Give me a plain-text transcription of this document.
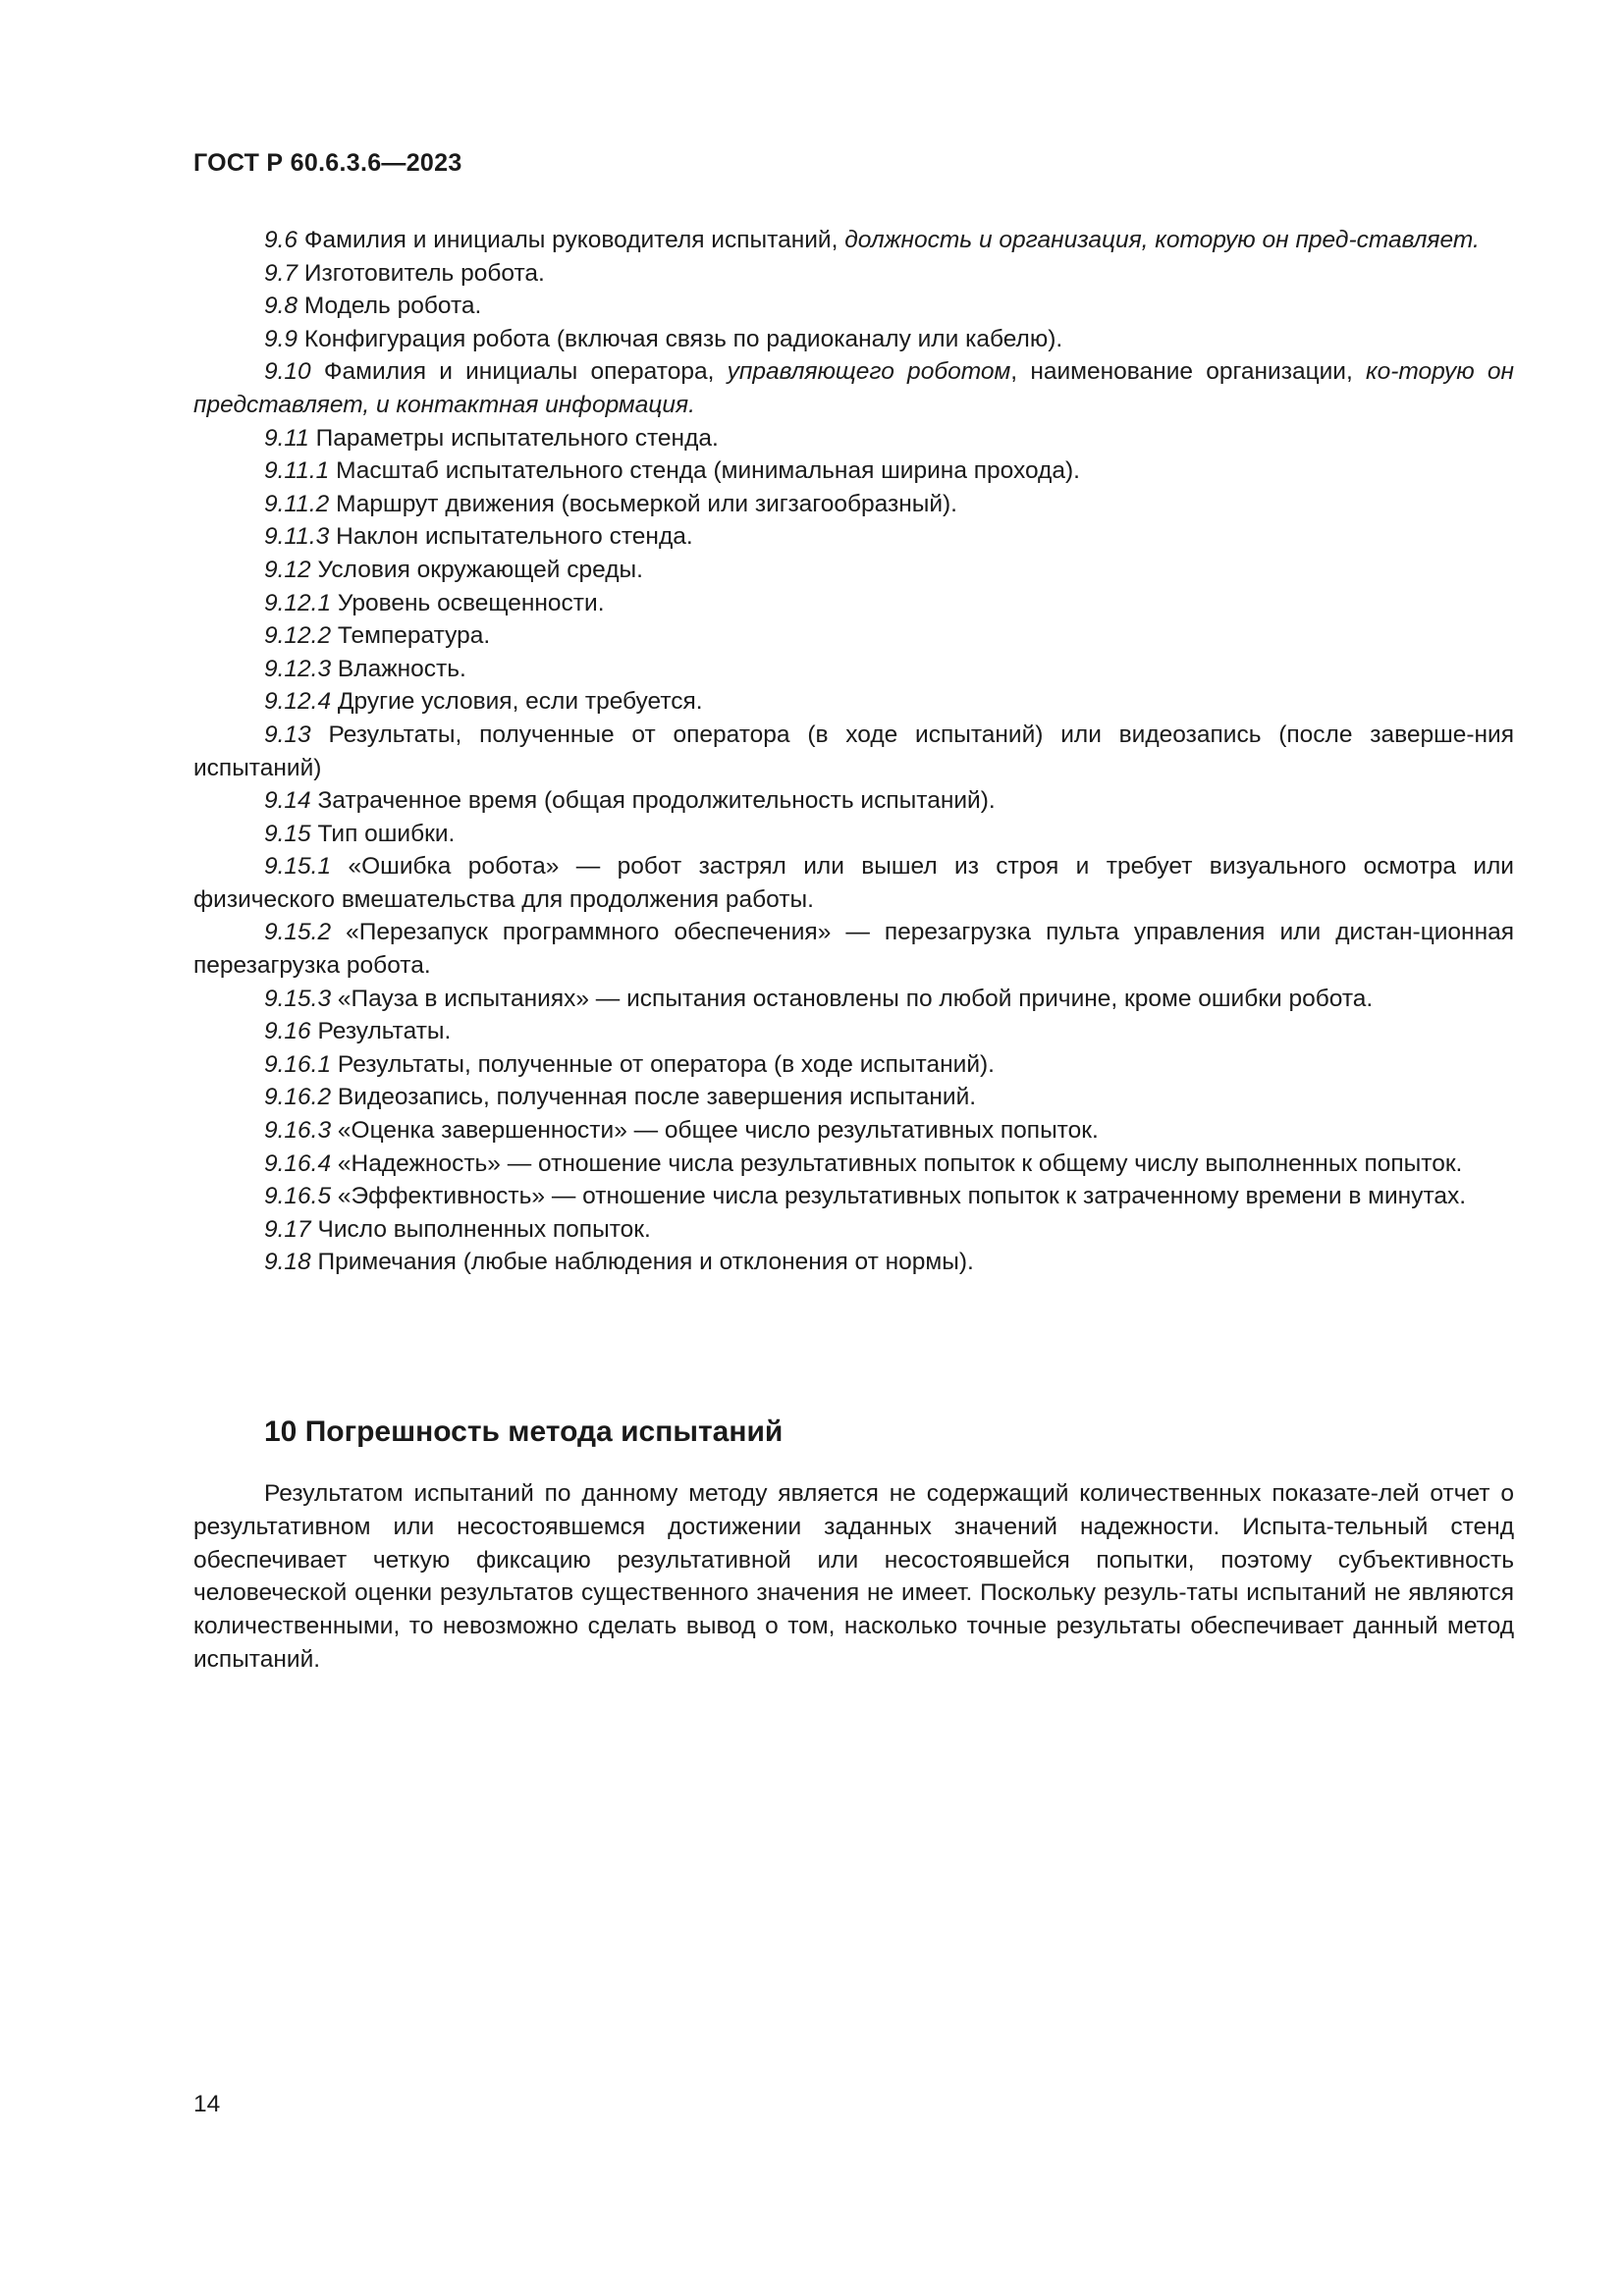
ГОСТ Р 60.6.3.6—2023

9.6 Фамилия и инициалы руководителя испытаний, должность и организация, которую он пред-ставляет.

9.7 Изготовитель робота.

9.8 Модель робота.

9.9 Конфигурация робота (включая связь по радиоканалу или кабелю).

9.10 Фамилия и инициалы оператора, управляющего роботом, наименование организации, ко-торую он представляет, и контактная информация.

9.11 Параметры испытательного стенда.

9.11.1 Масштаб испытательного стенда (минимальная ширина прохода).

9.11.2 Маршрут движения (восьмеркой или зигзагообразный).

9.11.3 Наклон испытательного стенда.

9.12 Условия окружающей среды.

9.12.1 Уровень освещенности.

9.12.2 Температура.

9.12.3 Влажность.

9.12.4 Другие условия, если требуется.

9.13 Результаты, полученные от оператора (в ходе испытаний) или видеозапись (после заверше-ния испытаний)

9.14 Затраченное время (общая продолжительность испытаний).

9.15 Тип ошибки.

9.15.1 «Ошибка робота» — робот застрял или вышел из строя и требует визуального осмотра или физического вмешательства для продолжения работы.

9.15.2 «Перезапуск программного обеспечения» — перезагрузка пульта управления или дистан-ционная перезагрузка робота.

9.15.3 «Пауза в испытаниях» — испытания остановлены по любой причине, кроме ошибки робота.

9.16 Результаты.

9.16.1 Результаты, полученные от оператора (в ходе испытаний).

9.16.2 Видеозапись, полученная после завершения испытаний.

9.16.3 «Оценка завершенности» — общее число результативных попыток.

9.16.4 «Надежность» — отношение числа результативных попыток к общему числу выполненных попыток.

9.16.5 «Эффективность» — отношение числа результативных попыток к затраченному времени в минутах.

9.17 Число выполненных попыток.

9.18 Примечания (любые наблюдения и отклонения от нормы).

10 Погрешность метода испытаний

Результатом испытаний по данному методу является не содержащий количественных показате-лей отчет о результативном или несостоявшемся достижении заданных значений надежности. Испыта-тельный стенд обеспечивает четкую фиксацию результативной или несостоявшейся попытки, поэтому субъективность человеческой оценки результатов существенного значения не имеет. Поскольку резуль-таты испытаний не являются количественными, то невозможно сделать вывод о том, насколько точные результаты обеспечивает данный метод испытаний.

14
